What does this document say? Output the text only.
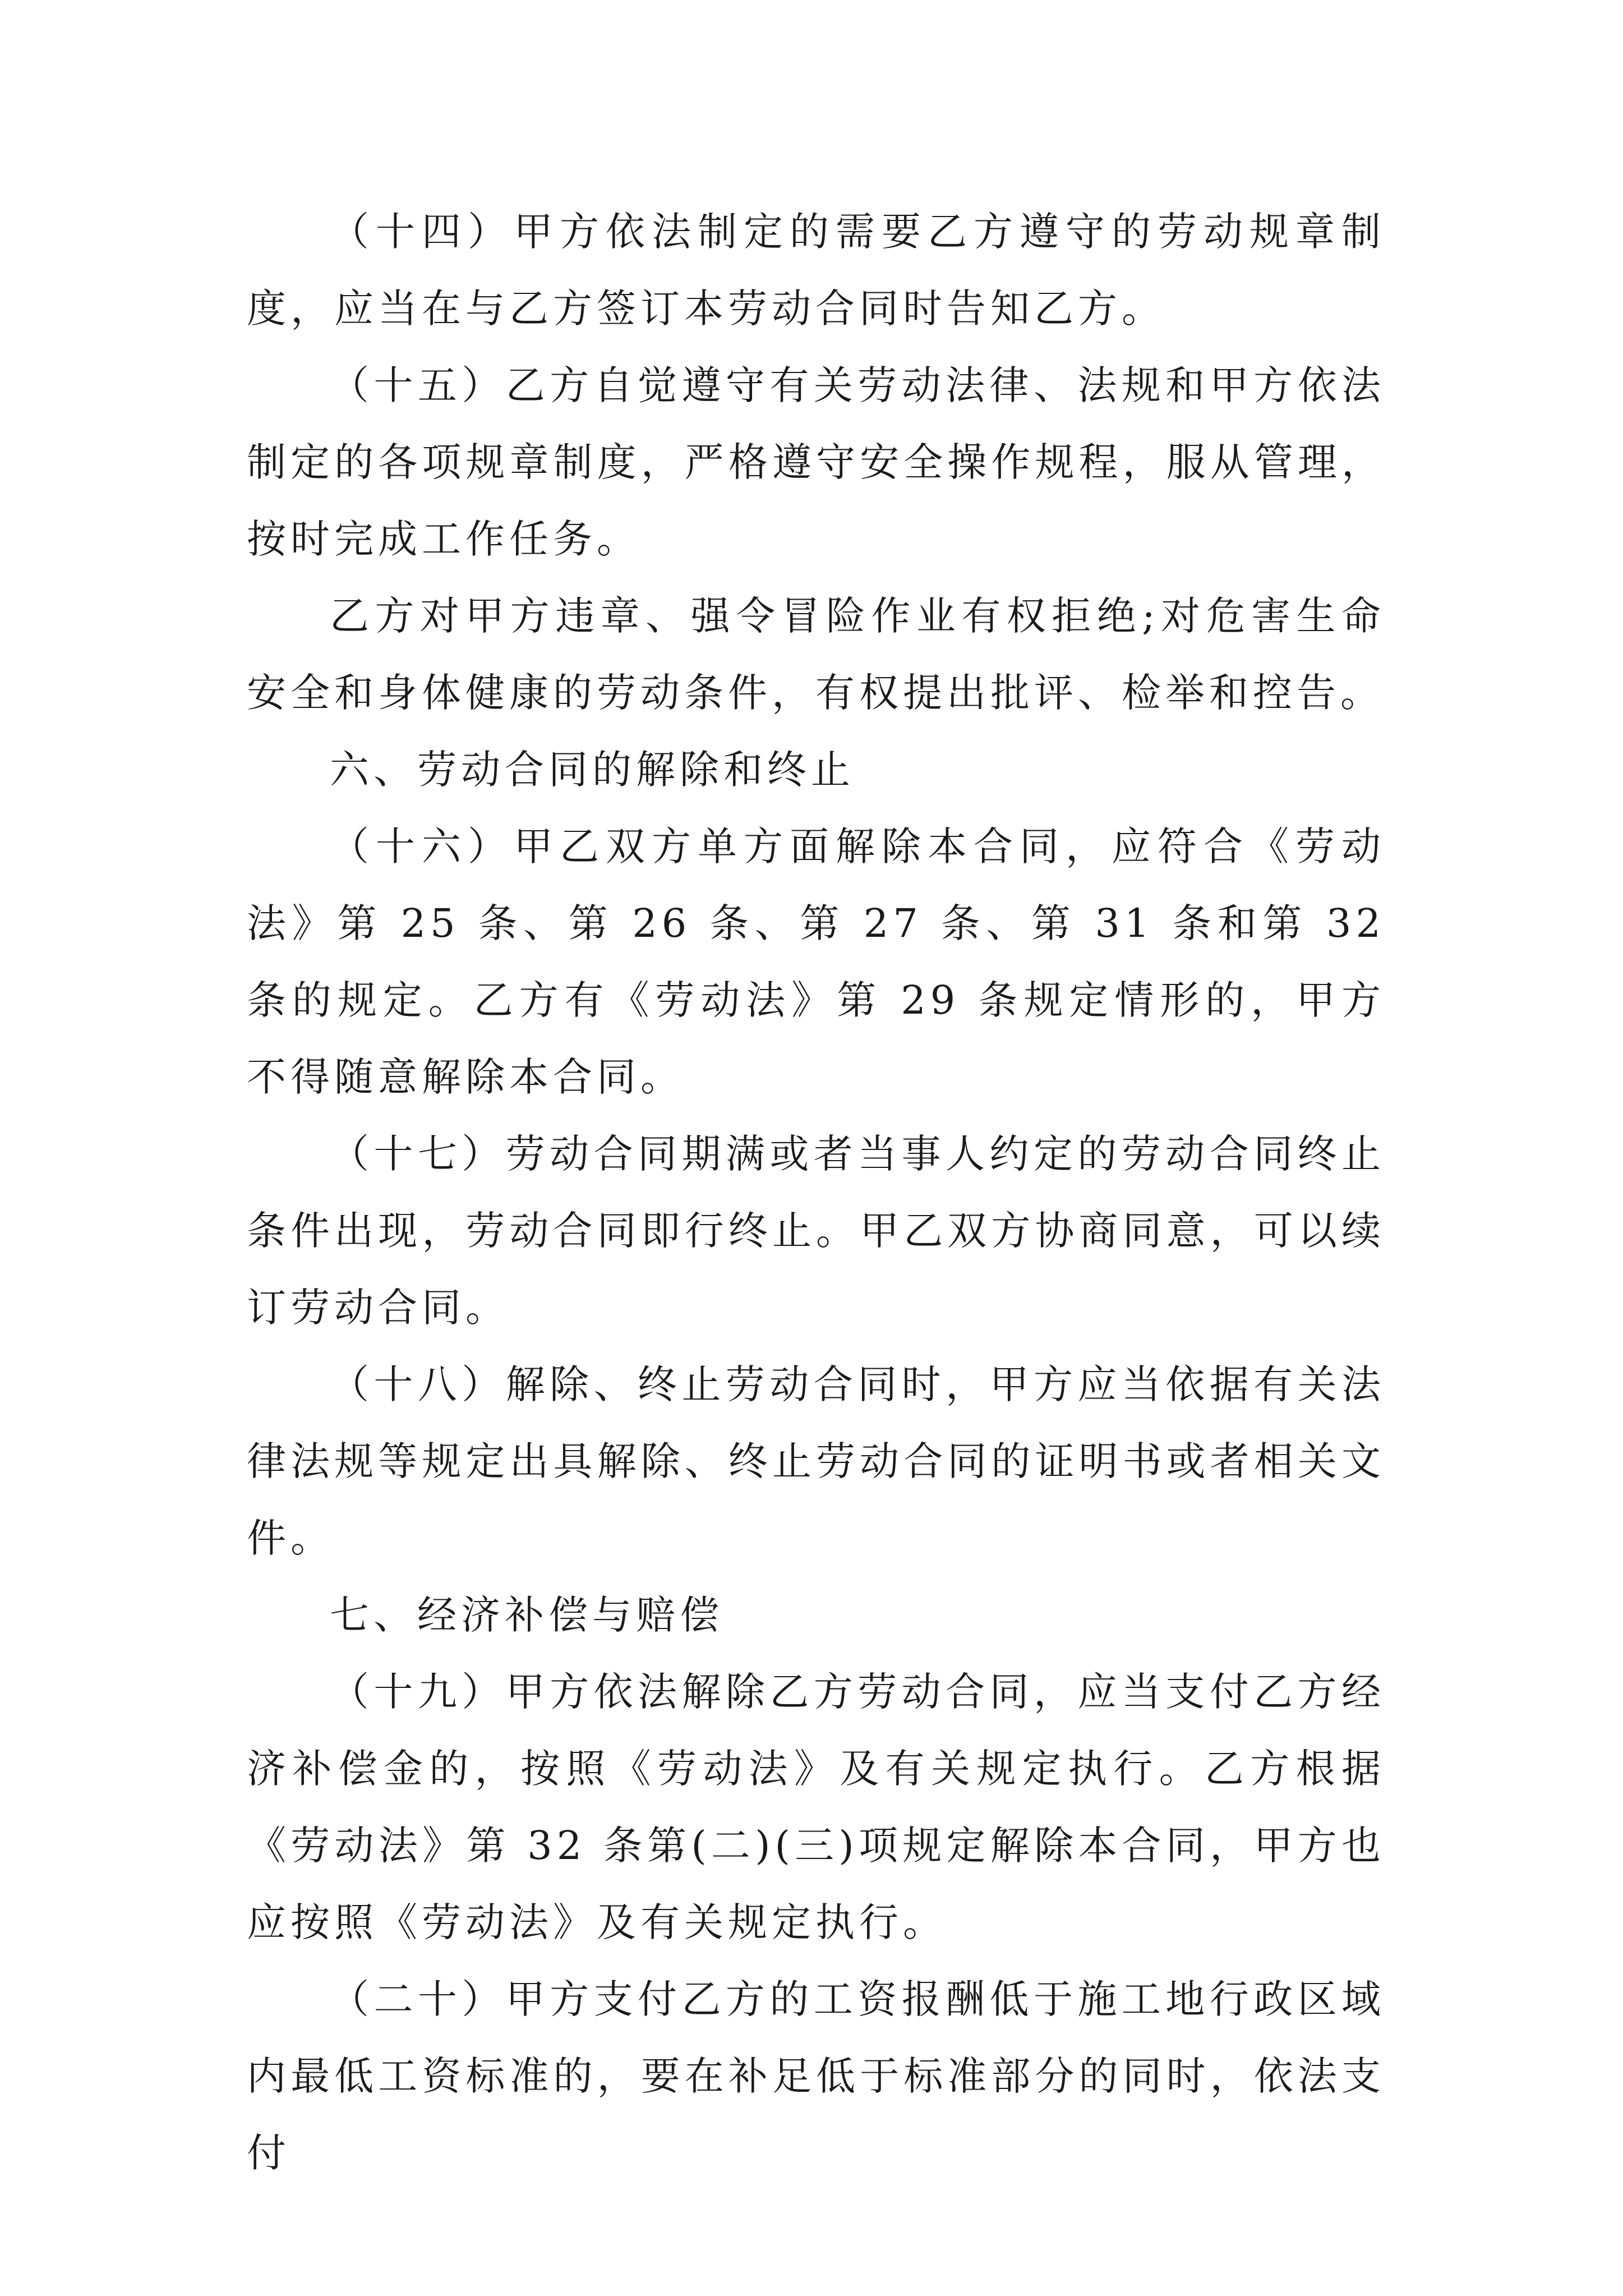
（十四）甲方依法制定的需要乙方遵守的劳动规章制度，应当在与乙方签订本劳动合同时告知乙方。

（十五）乙方自觉遵守有关劳动法律、法规和甲方依法制定的各项规章制度，严格遵守安全操作规程，服从管理，按时完成工作任务。

乙方对甲方违章、强令冒险作业有权拒绝;对危害生命安全和身体健康的劳动条件，有权提出批评、检举和控告。

六、劳动合同的解除和终止

（十六）甲乙双方单方面解除本合同，应符合《劳动法》第 25 条、第 26 条、第 27 条、第 31 条和第 32 条的规定。乙方有《劳动法》第 29 条规定情形的，甲方不得随意解除本合同。

（十七）劳动合同期满或者当事人约定的劳动合同终止条件出现，劳动合同即行终止。甲乙双方协商同意，可以续订劳动合同。

（十八）解除、终止劳动合同时，甲方应当依据有关法律法规等规定出具解除、终止劳动合同的证明书或者相关文件。

七、经济补偿与赔偿

（十九）甲方依法解除乙方劳动合同，应当支付乙方经济补偿金的，按照《劳动法》及有关规定执行。乙方根据《劳动法》第 32 条第(二)(三)项规定解除本合同，甲方也应按照《劳动法》及有关规定执行。

（二十）甲方支付乙方的工资报酬低于施工地行政区域内最低工资标准的，要在补足低于标准部分的同时，依法支付
